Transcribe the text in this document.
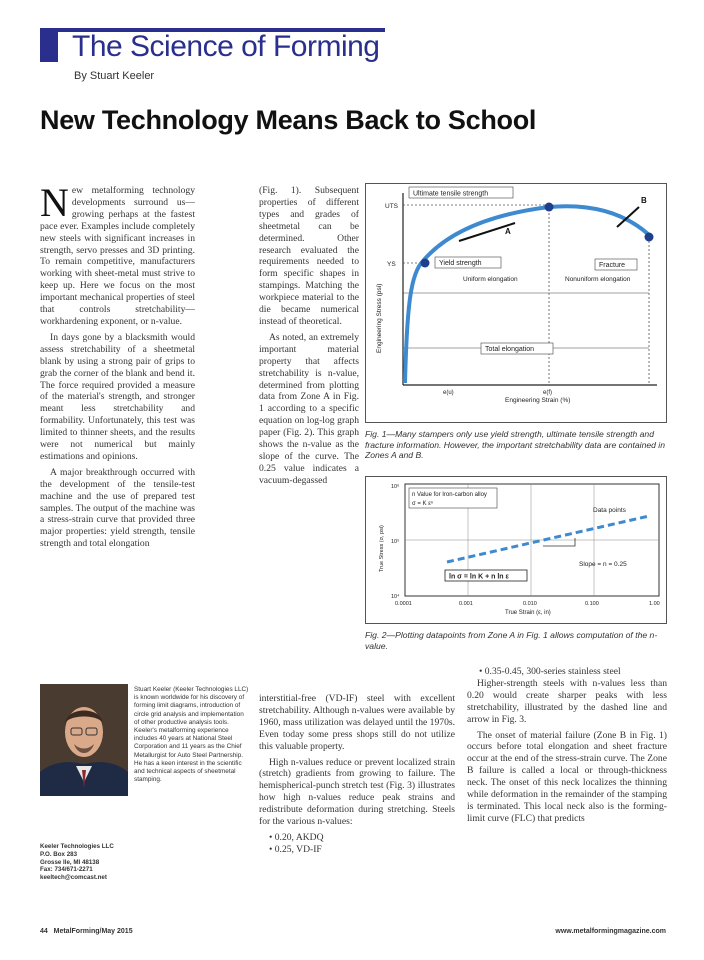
The Science of Forming
By Stuart Keeler
New Technology Means Back to School

New metalforming technology developments surround us—growing perhaps at the fastest pace ever. Examples include completely new steels with significant increases in strength, servo presses and 3D printing. To remain competitive, manufacturers working with sheet-metal must strive to keep up. Here we focus on the most important mechanical properties of steel that controls stretchability—workhardening exponent, or n-value.

In days gone by a blacksmith would assess stretchability of a sheetmetal blank by using a strong pair of grips to grab the corner of the blank and bend it. The force required provided a measure of the material's strength, and stronger meant less stretchability and formability. Unfortunately, this test was limited to thinner sheets, and the results were not numerical but mainly estimations and opinions.

A major breakthrough occurred with the development of the tensile-test machine and the use of prepared test samples. The output of the machine was a stress-strain curve that provided three major properties: yield strength, tensile strength and total elongation

(Fig. 1). Subsequent properties of different types and grades of sheetmetal can be determined. Other research evaluated the requirements needed to form specific shapes in stampings. Matching the workpiece material to the die became numerical instead of theoretical.

As noted, an extremely important material property that affects stretchability is n-value, determined from plotting data from Zone A in Fig. 1 according to a specific equation on log-log graph paper (Fig. 2). This graph shows the n-value as the slope of the curve. The 0.25 value indicates a vacuum-degassed

interstitial-free (VD-IF) steel with excellent stretchability. Although n-values were available by 1960, mass utilization was delayed until the 1970s. Even today some press shops still do not utilize this valuable property.

High n-values reduce or prevent localized strain (stretch) gradients from growing to failure. The hemispherical-punch stretch test (Fig. 3) illustrates how high n-values reduce peak strains and redistribute deformation during stretching. Steels for the various n-values:

• 0.20, AKDQ
• 0.25, VD-IF
• 0.35-0.45, 300-series stainless steel

Higher-strength steels with n-values less than 0.20 would create sharper peaks with less stretchability, illustrated by the dashed line and arrow in Fig. 3.

The onset of material failure (Zone B in Fig. 1) occurs before total elongation and sheet fracture occur at the end of the stress-strain curve. The Zone B failure is called a local or through-thickness neck. The onset of this neck localizes the thinning while deformation in the remainder of the stamping is terminated. This local neck also is the forming-limit curve (FLC) that predicts

A
B
Ultimate tensile strength
UTS
YS	Yield strength	Fracture
Uniform elongation	Nonuniform elongation
Total elongation
Engineering Stress (psi)
e(u)	e(f)
Engineering Strain (%)
Fig. 1—Many stampers only use yield strength, ultimate tensile strength and fracture information. However, the important stretchability data are contained in Zones A and B.
n Value for Iron-carbon alloy
σ = K εⁿ
Data points
Slope = n = 0.25
ln σ = ln K + n ln ε
10⁶
10⁵
10⁴
0.0001	0.001	0.010	0.100	1.00
True Stress (σ, psi)
True Strain (ε, in)
Fig. 2—Plotting datapoints from Zone A in Fig. 1 allows computation of the n-value.
Stuart Keeler (Keeler Technologies LLC) is known worldwide for his discovery of forming limit diagrams, introduction of circle grid analysis and implementation of other productive analysis tools. Keeler's metalforming experience includes 40 years at National Steel Corporation and 11 years as the Chief Metallurgist for Auto Steel Partnership. He has a keen interest in the scientific and technical aspects of sheetmetal stamping.
Keeler Technologies LLC
P.O. Box 283
Grosse Ile, MI 48138
Fax: 734/671-2271
keeltech@comcast.net
44   MetalForming/May 2015	www.metalformingmagazine.com
